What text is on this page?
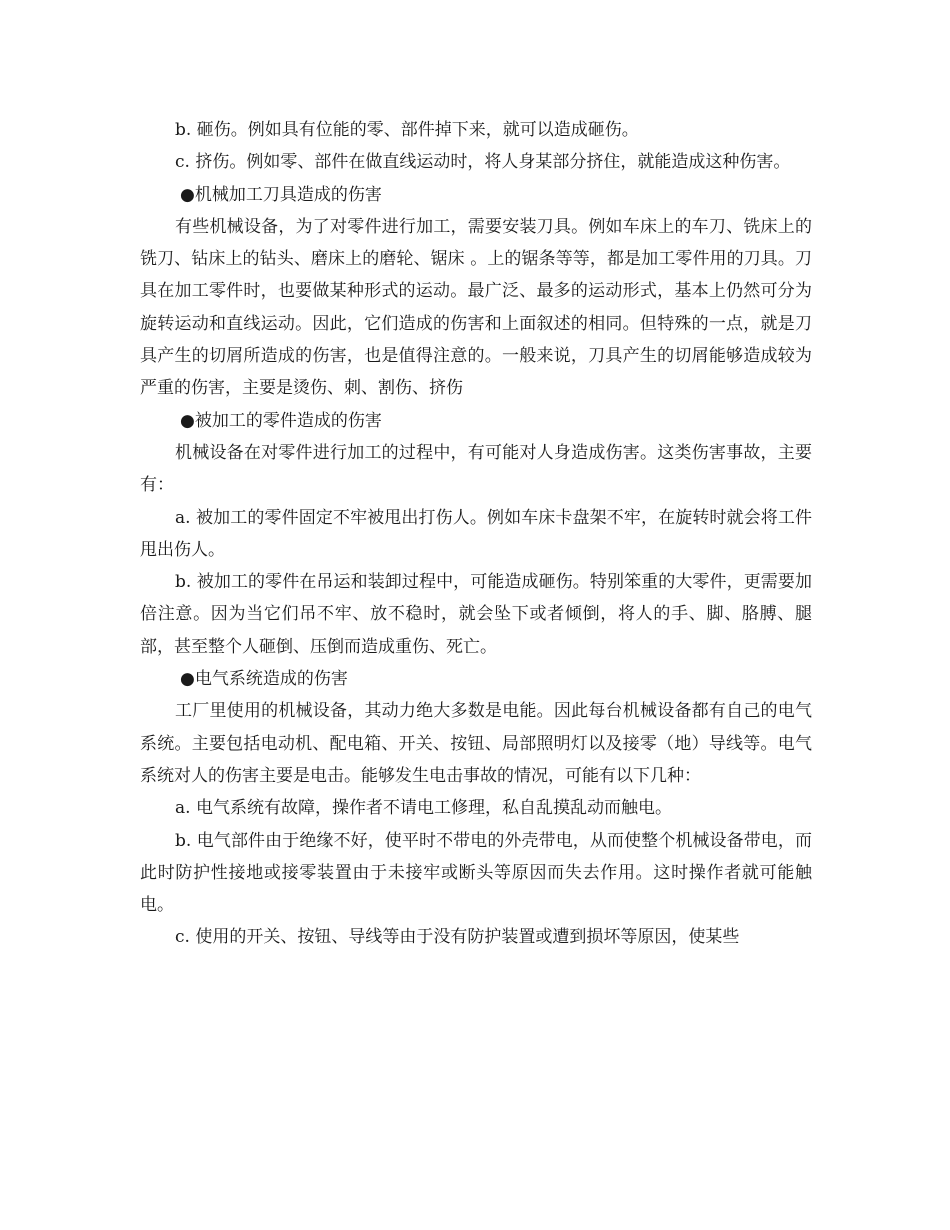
b. 砸伤。例如具有位能的零、部件掉下来，就可以造成砸伤。

c. 挤伤。例如零、部件在做直线运动时，将人身某部分挤住，就能造成这种伤害。

●机械加工刀具造成的伤害

有些机械设备，为了对零件进行加工，需要安装刀具。例如车床上的车刀、铣床上的铣刀、钻床上的钻头、磨床上的磨轮、锯床 。上的锯条等等，都是加工零件用的刀具。刀具在加工零件时，也要做某种形式的运动。最广泛、最多的运动形式，基本上仍然可分为旋转运动和直线运动。因此，它们造成的伤害和上面叙述的相同。但特殊的一点，就是刀具产生的切屑所造成的伤害，也是值得注意的。一般来说，刀具产生的切屑能够造成较为严重的伤害，主要是烫伤、刺、割伤、挤伤

●被加工的零件造成的伤害

机械设备在对零件进行加工的过程中，有可能对人身造成伤害。这类伤害事故，主要有：

a. 被加工的零件固定不牢被甩出打伤人。例如车床卡盘架不牢，在旋转时就会将工件甩出伤人。

b. 被加工的零件在吊运和装卸过程中，可能造成砸伤。特别笨重的大零件，更需要加倍注意。因为当它们吊不牢、放不稳时，就会坠下或者倾倒，将人的手、脚、胳膊、腿部，甚至整个人砸倒、压倒而造成重伤、死亡。

●电气系统造成的伤害

工厂里使用的机械设备，其动力绝大多数是电能。因此每台机械设备都有自己的电气系统。主要包括电动机、配电箱、开关、按钮、局部照明灯以及接零（地）导线等。电气系统对人的伤害主要是电击。能够发生电击事故的情况，可能有以下几种：

a. 电气系统有故障，操作者不请电工修理，私自乱摸乱动而触电。

b. 电气部件由于绝缘不好，使平时不带电的外壳带电，从而使整个机械设备带电，而此时防护性接地或接零装置由于未接牢或断头等原因而失去作用。这时操作者就可能触电。

c. 使用的开关、按钮、导线等由于没有防护装置或遭到损坏等原因，使某些
